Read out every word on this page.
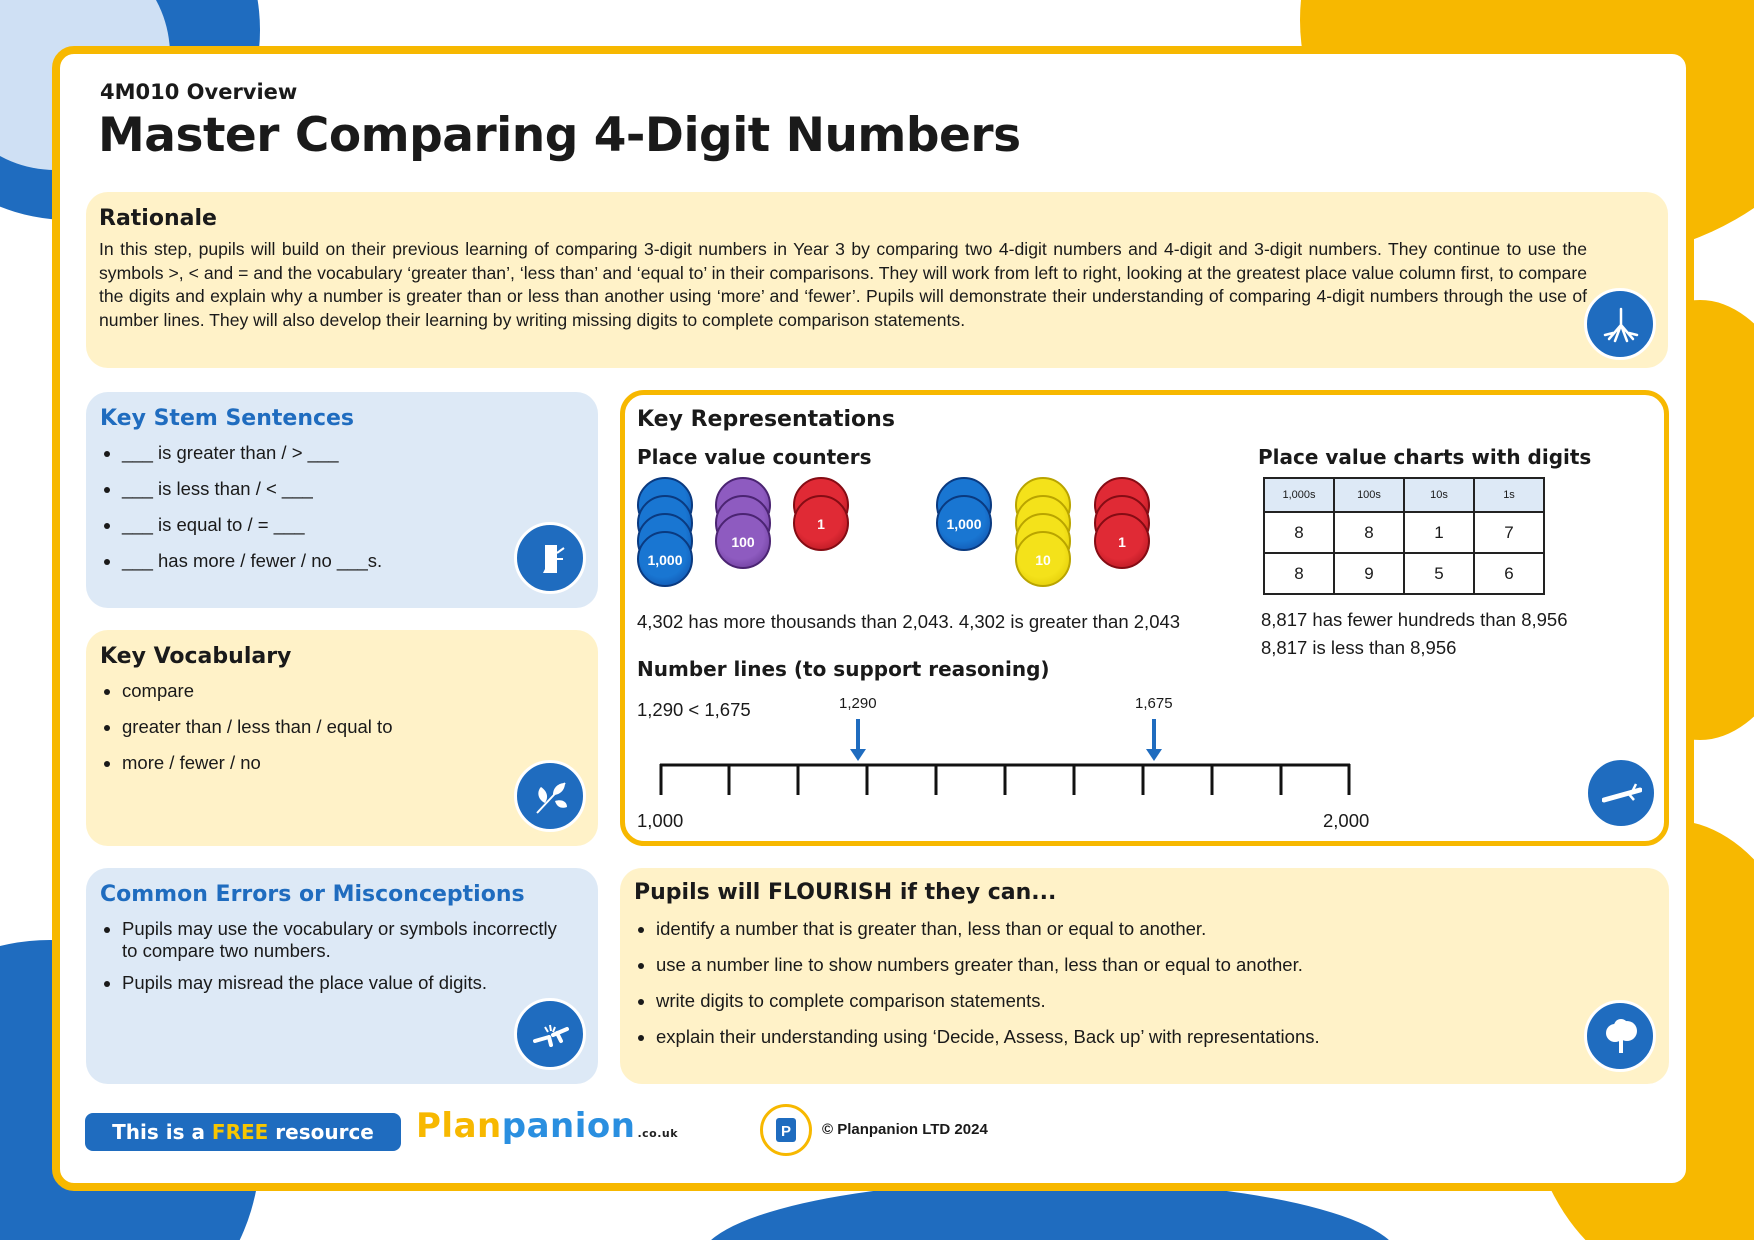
4M010 Overview
Master Comparing 4-Digit Numbers
Rationale
In this step, pupils will build on their previous learning of comparing 3-digit numbers in Year 3 by comparing two 4-digit numbers and 4-digit and 3-digit numbers. They continue to use the symbols >, < and = and the vocabulary ‘greater than’, ‘less than’ and ‘equal to’ in their comparisons. They will work from left to right, looking at the greatest place value column first, to compare the digits and explain why a number is greater than or less than another using ‘more’ and ‘fewer’. Pupils will demonstrate their understanding of comparing 4-digit numbers through the use of number lines. They will also develop their learning by writing missing digits to complete comparison statements.
Key Stem Sentences
• ___ is greater than / > ___
• ___ is less than / < ___
• ___ is equal to / = ___
• ___ has more / fewer / no ___s.
Key Vocabulary
• compare
• greater than / less than / equal to
• more / fewer / no
Common Errors or Misconceptions
• Pupils may use the vocabulary or symbols incorrectly to compare two numbers.
• Pupils may misread the place value of digits.
Key Representations
Place value counters
1,000
100
1	1,000
10
1
4,302 has more thousands than 2,043. 4,302 is greater than 2,043
Place value charts with digits
1,000s	100s	10s	1s
8	8	1	7
8	9	5	6
8,817 has fewer hundreds than 8,956
8,817 is less than 8,956
Number lines (to support reasoning)
1,290 < 1,675	1,290	1,675
1,000	2,000
Pupils will FLOURISH if they can...
• identify a number that is greater than, less than or equal to another.
• use a number line to show numbers greater than, less than or equal to another.
• write digits to complete comparison statements.
• explain their understanding using ‘Decide, Assess, Back up’ with representations.
This is a FREE resource from
Planpanion .co.uk	P © Planpanion LTD 2024
